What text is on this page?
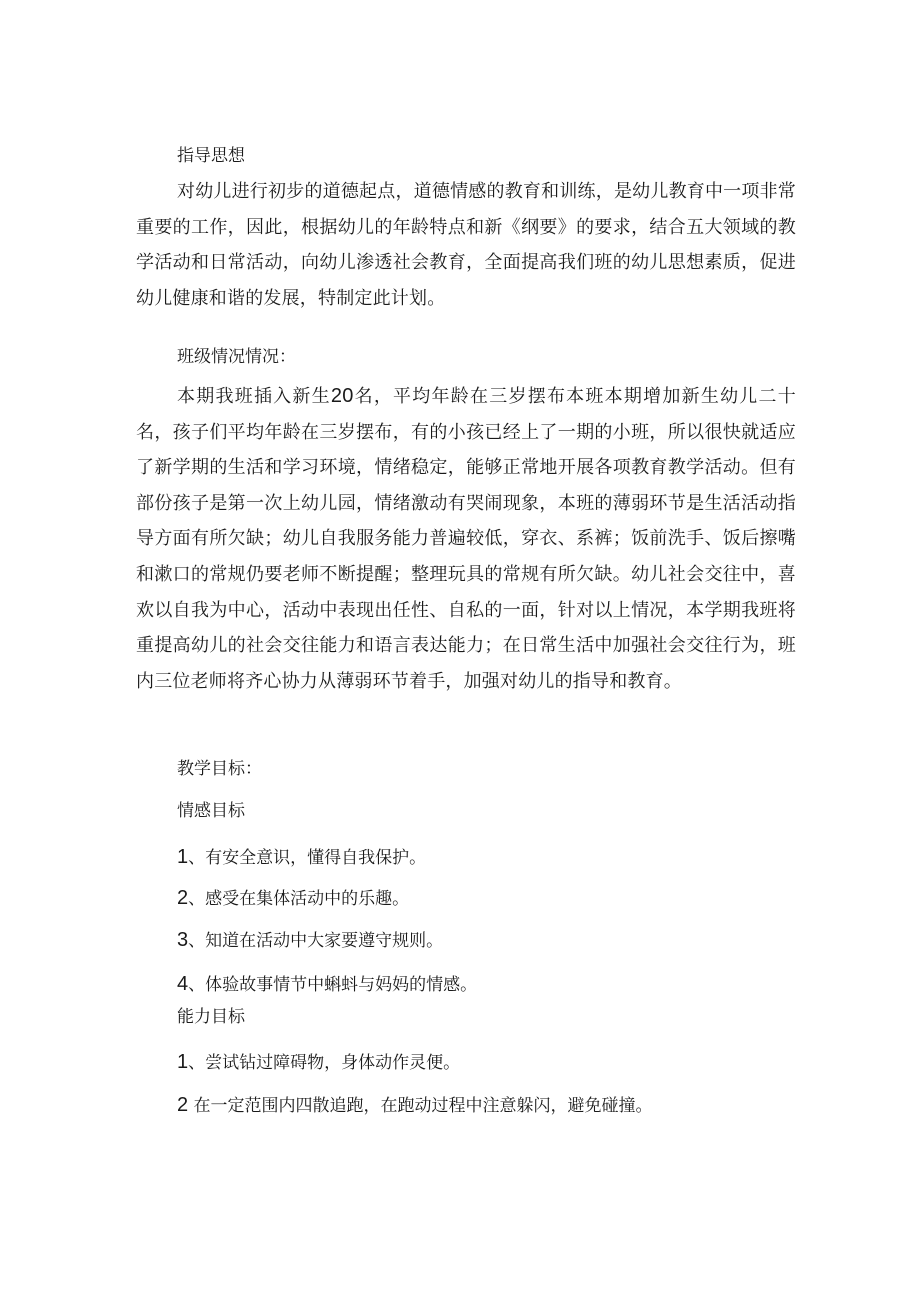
指导思想
对幼儿进行初步的道德起点，道德情感的教育和训练，是幼儿教育中一项非常重要的工作，因此，根据幼儿的年龄特点和新《纲要》的要求，结合五大领域的教学活动和日常活动，向幼儿渗透社会教育，全面提高我们班的幼儿思想素质，促进幼儿健康和谐的发展，特制定此计划。
班级情况情况：
本期我班插入新生20名，平均年龄在三岁摆布本班本期增加新生幼儿二十名，孩子们平均年龄在三岁摆布，有的小孩已经上了一期的小班，所以很快就适应了新学期的生活和学习环境，情绪稳定，能够正常地开展各项教育教学活动。但有部份孩子是第一次上幼儿园，情绪激动有哭闹现象，本班的薄弱环节是生活活动指导方面有所欠缺；幼儿自我服务能力普遍较低，穿衣、系裤；饭前洗手、饭后擦嘴和漱口的常规仍要老师不断提醒；整理玩具的常规有所欠缺。幼儿社会交往中，喜欢以自我为中心，活动中表现出任性、自私的一面，针对以上情况，本学期我班将重提高幼儿的社会交往能力和语言表达能力；在日常生活中加强社会交往行为，班内三位老师将齐心协力从薄弱环节着手，加强对幼儿的指导和教育。
教学目标：
情感目标
1、有安全意识，懂得自我保护。
2、感受在集体活动中的乐趣。
3、知道在活动中大家要遵守规则。
4、体验故事情节中蝌蚪与妈妈的情感。
能力目标
1、尝试钻过障碍物，身体动作灵便。
2 在一定范围内四散追跑，在跑动过程中注意躲闪，避免碰撞。
